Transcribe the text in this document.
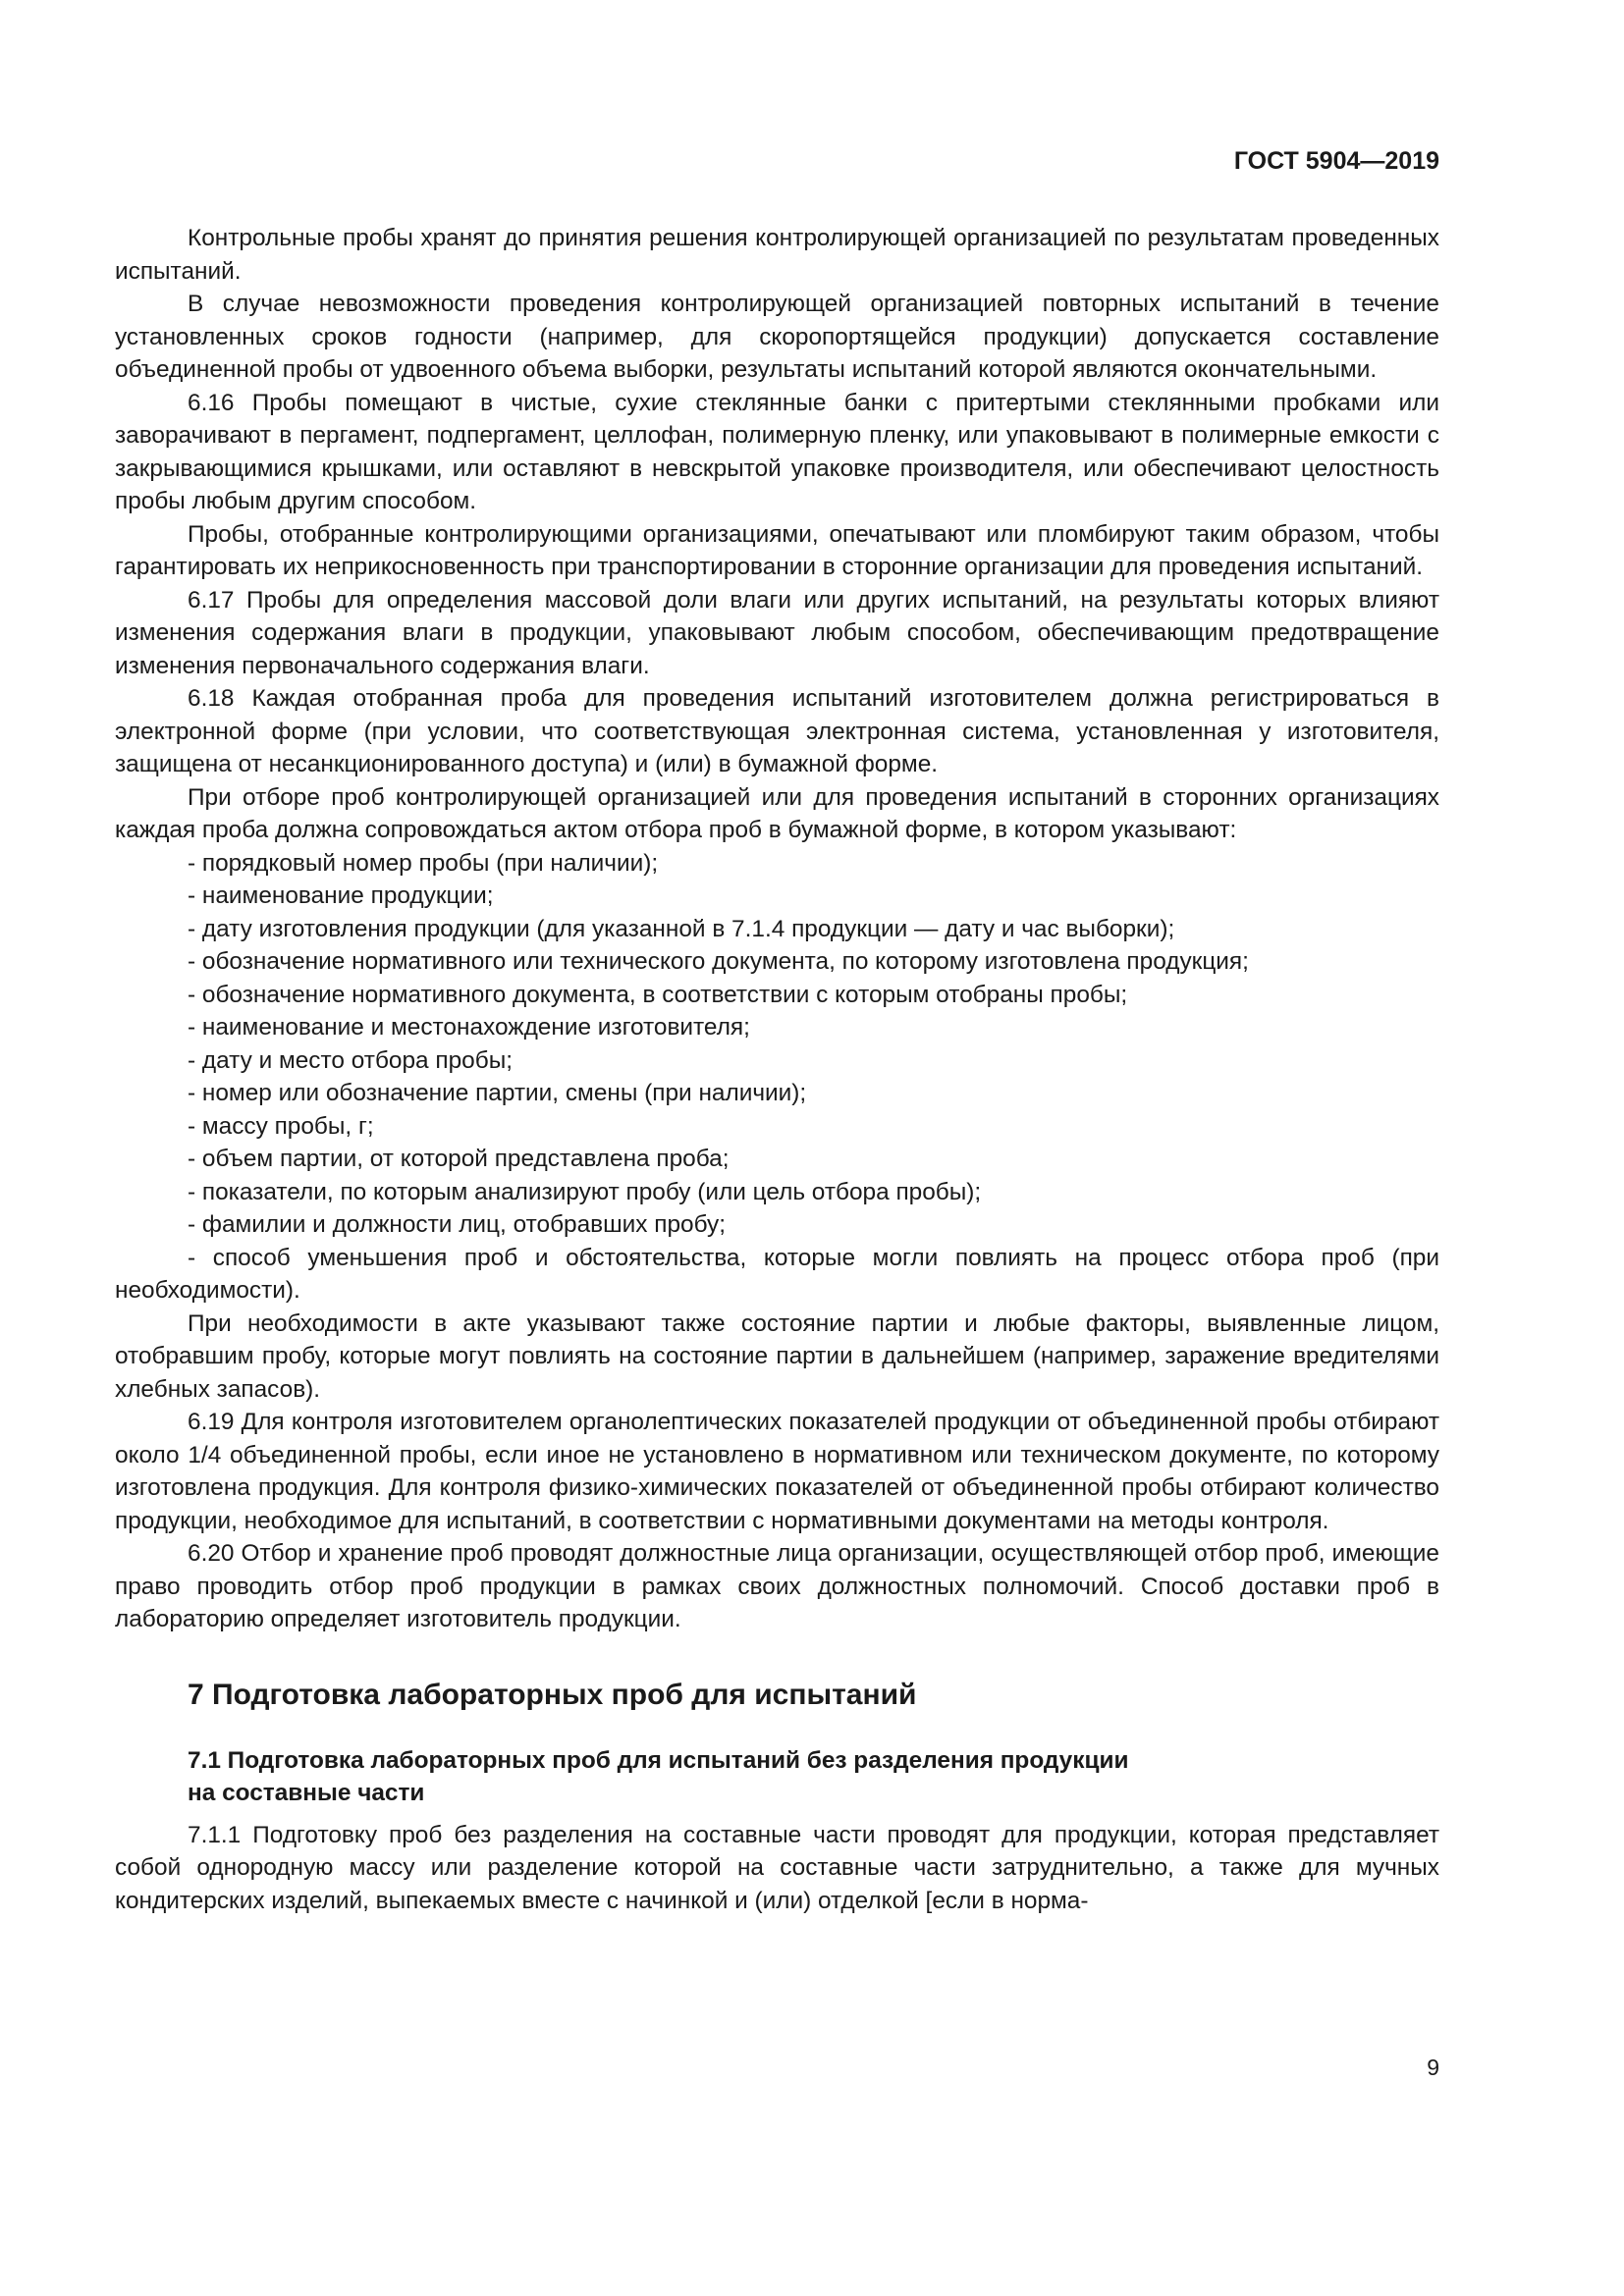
ГОСТ 5904—2019

Контрольные пробы хранят до принятия решения контролирующей организацией по результатам проведенных испытаний.

В случае невозможности проведения контролирующей организацией повторных испытаний в течение установленных сроков годности (например, для скоропортящейся продукции) допускается составление объединенной пробы от удвоенного объема выборки, результаты испытаний которой являются окончательными.

6.16 Пробы помещают в чистые, сухие стеклянные банки с притертыми стеклянными пробками или заворачивают в пергамент, подпергамент, целлофан, полимерную пленку, или упаковывают в полимерные емкости с закрывающимися крышками, или оставляют в невскрытой упаковке производителя, или обеспечивают целостность пробы любым другим способом.

Пробы, отобранные контролирующими организациями, опечатывают или пломбируют таким образом, чтобы гарантировать их неприкосновенность при транспортировании в сторонние организации для проведения испытаний.

6.17 Пробы для определения массовой доли влаги или других испытаний, на результаты которых влияют изменения содержания влаги в продукции, упаковывают любым способом, обеспечивающим предотвращение изменения первоначального содержания влаги.

6.18 Каждая отобранная проба для проведения испытаний изготовителем должна регистрироваться в электронной форме (при условии, что соответствующая электронная система, установленная у изготовителя, защищена от несанкционированного доступа) и (или) в бумажной форме.

При отборе проб контролирующей организацией или для проведения испытаний в сторонних организациях каждая проба должна сопровождаться актом отбора проб в бумажной форме, в котором указывают:

- порядковый номер пробы (при наличии);
- наименование продукции;
- дату изготовления продукции (для указанной в 7.1.4 продукции — дату и час выборки);
- обозначение нормативного или технического документа, по которому изготовлена продукция;
- обозначение нормативного документа, в соответствии с которым отобраны пробы;
- наименование и местонахождение изготовителя;
- дату и место отбора пробы;
- номер или обозначение партии, смены (при наличии);
- массу пробы, г;
- объем партии, от которой представлена проба;
- показатели, по которым анализируют пробу (или цель отбора пробы);
- фамилии и должности лиц, отобравших пробу;
- способ уменьшения проб и обстоятельства, которые могли повлиять на процесс отбора проб (при необходимости).

При необходимости в акте указывают также состояние партии и любые факторы, выявленные лицом, отобравшим пробу, которые могут повлиять на состояние партии в дальнейшем (например, заражение вредителями хлебных запасов).

6.19 Для контроля изготовителем органолептических показателей продукции от объединенной пробы отбирают около 1/4 объединенной пробы, если иное не установлено в нормативном или техническом документе, по которому изготовлена продукция. Для контроля физико-химических показателей от объединенной пробы отбирают количество продукции, необходимое для испытаний, в соответствии с нормативными документами на методы контроля.

6.20 Отбор и хранение проб проводят должностные лица организации, осуществляющей отбор проб, имеющие право проводить отбор проб продукции в рамках своих должностных полномочий. Способ доставки проб в лабораторию определяет изготовитель продукции.

7 Подготовка лабораторных проб для испытаний
7.1 Подготовка лабораторных проб для испытаний без разделения продукции
на составные части

7.1.1 Подготовку проб без разделения на составные части проводят для продукции, которая представляет собой однородную массу или разделение которой на составные части затруднительно, а также для мучных кондитерских изделий, выпекаемых вместе с начинкой и (или) отделкой [если в норма-

9
